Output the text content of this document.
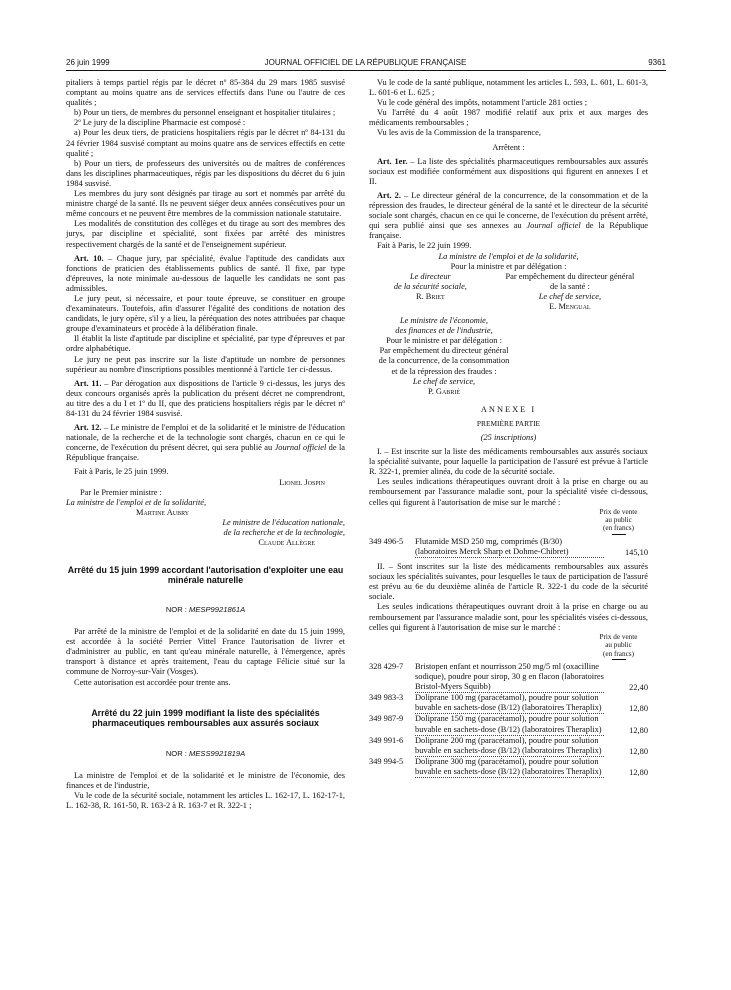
26 juin 1999	JOURNAL OFFICIEL DE LA RÉPUBLIQUE FRANÇAISE	9361

pitaliers à temps partiel régis par le décret nº 85-384 du 29 mars 1985 susvisé comptant au moins quatre ans de services effectifs dans l'une ou l'autre de ces qualités ;

b) Pour un tiers, de membres du personnel enseignant et hospitalier titulaires ;

2º Le jury de la discipline Pharmacie est composé :

a) Pour les deux tiers, de praticiens hospitaliers régis par le décret nº 84-131 du 24 février 1984 susvisé comptant au moins quatre ans de services effectifs en cette qualité ;

b) Pour un tiers, de professeurs des universités ou de maîtres de conférences dans les disciplines pharmaceutiques, régis par les dispositions du décret du 6 juin 1984 susvisé.

Les membres du jury sont désignés par tirage au sort et nommés par arrêté du ministre chargé de la santé. Ils ne peuvent siéger deux années consécutives pour un même concours et ne peuvent être membres de la commission nationale statutaire.

Les modalités de constitution des collèges et du tirage au sort des membres des jurys, par discipline et spécialité, sont fixées par arrêté des ministres respectivement chargés de la santé et de l'enseignement supérieur.

Art. 10. – Chaque jury, par spécialité, évalue l'aptitude des candidats aux fonctions de praticien des établissements publics de santé. Il fixe, par type d'épreuves, la note minimale au-dessous de laquelle les candidats ne sont pas admissibles.

Le jury peut, si nécessaire, et pour toute épreuve, se constituer en groupe d'examinateurs. Toutefois, afin d'assurer l'égalité des conditions de notation des candidats, le jury opère, s'il y a lieu, la péréquation des notes attribuées par chaque groupe d'examinateurs et procède à la délibération finale.

Il établit la liste d'aptitude par discipline et spécialité, par type d'épreuves et par ordre alphabétique.

Le jury ne peut pas inscrire sur la liste d'aptitude un nombre de personnes supérieur au nombre d'inscriptions possibles mentionné à l'article 1er ci-dessus.

Art. 11. – Par dérogation aux dispositions de l'article 9 ci-dessus, les jurys des deux concours organisés après la publication du présent décret ne comprendront, au titre des a du I et 1º du II, que des praticiens hospitaliers régis par le décret nº 84-131 du 24 février 1984 susvisé.

Art. 12. – Le ministre de l'emploi et de la solidarité et le ministre de l'éducation nationale, de la recherche et de la technologie sont chargés, chacun en ce qui le concerne, de l'exécution du présent décret, qui sera publié au Journal officiel de la République française.

Fait à Paris, le 25 juin 1999.

Lionel Jospin

Par le Premier ministre :

La ministre de l'emploi et de la solidarité,

Martine Aubry

Le ministre de l'éducation nationale,

de la recherche et de la technologie,

Claude Allègre

Arrêté du 15 juin 1999 accordant l'autorisation d'exploiter une eau minérale naturelle

NOR : MESP9921861A

Par arrêté de la ministre de l'emploi et de la solidarité en date du 15 juin 1999, est accordée à la société Perrier Vittel France l'autorisation de livrer et d'administrer au public, en tant qu'eau minérale naturelle, à l'émergence, après transport à distance et après traitement, l'eau du captage Félicie situé sur la commune de Norroy-sur-Vair (Vosges).

Cette autorisation est accordée pour trente ans.

Arrêté du 22 juin 1999 modifiant la liste des spécialités pharmaceutiques remboursables aux assurés sociaux

NOR : MESS9921819A

La ministre de l'emploi et de la solidarité et le ministre de l'économie, des finances et de l'industrie,

Vu le code de la sécurité sociale, notamment les articles L. 162-17, L. 162-17-1, L. 162-38, R. 161-50, R. 163-2 à R. 163-7 et R. 322-1 ;

Vu le code de la santé publique, notamment les articles L. 593, L. 601, L. 601-3, L. 601-6 et L. 625 ;

Vu le code général des impôts, notamment l'article 281 octies ;

Vu l'arrêté du 4 août 1987 modifié relatif aux prix et aux marges des médicaments remboursables ;

Vu les avis de la Commission de la transparence,

Arrêtent :

Art. 1er. – La liste des spécialités pharmaceutiques remboursables aux assurés sociaux est modifiée conformément aux dispositions qui figurent en annexes I et II.

Art. 2. – Le directeur général de la concurrence, de la consommation et de la répression des fraudes, le directeur général de la santé et le directeur de la sécurité sociale sont chargés, chacun en ce qui le concerne, de l'exécution du présent arrêté, qui sera publié ainsi que ses annexes au Journal officiel de la République française.

Fait à Paris, le 22 juin 1999.

La ministre de l'emploi et de la solidarité,

Pour la ministre et par délégation :

Le directeur
de la sécurité sociale,
R. Briet
Par empêchement du directeur général
de la santé :
Le chef de service,
E. Mengual
Le ministre de l'économie,
des finances et de l'industrie,
Pour le ministre et par délégation :
Par empêchement du directeur général
de la concurrence, de la consommation
et de la répression des fraudes :
Le chef de service,
P. Gabrié

ANNEXE I

PREMIÈRE PARTIE

(25 inscriptions)

I. – Est inscrite sur la liste des médicaments remboursables aux assurés sociaux la spécialité suivante, pour laquelle la participation de l'assuré est prévue à l'article R. 322-1, premier alinéa, du code de la sécurité sociale.

Les seules indications thérapeutiques ouvrant droit à la prise en charge ou au remboursement par l'assurance maladie sont, pour la spécialité visée ci-dessous, celles qui figurent à l'autorisation de mise sur le marché :

Prix de vente
au public
(en francs)
349 496-5	Flutamide MSD 250 mg, comprimés (B/30) (laboratoires Merck Sharp et Dohme-Chibret)	145,10

II. – Sont inscrites sur la liste des médicaments remboursables aux assurés sociaux les spécialités suivantes, pour lesquelles le taux de participation de l'assuré est prévu au 6e du deuxième alinéa de l'article R. 322-1 du code de la sécurité sociale.

Les seules indications thérapeutiques ouvrant droit à la prise en charge ou au remboursement par l'assurance maladie sont, pour les spécialités visées ci-dessous, celles qui figurent à l'autorisation de mise sur le marché :

Prix de vente
au public
(en francs)
328 429-7	Bristopen enfant et nourrisson 250 mg/5 ml (oxacilline sodique), poudre pour sirop, 30 g en flacon (laboratoires Bristol-Myers Squibb)	22,40
349 983-3	Doliprane 100 mg (paracétamol), poudre pour solution buvable en sachets-dose (B/12) (laboratoires Theraplix)	12,80
349 987-9	Doliprane 150 mg (paracétamol), poudre pour solution buvable en sachets-dose (B/12) (laboratoires Theraplix)	12,80
349 991-6	Doliprane 200 mg (paracétamol), poudre pour solution buvable en sachets-dose (B/12) (laboratoires Theraplix)	12,80
349 994-5	Doliprane 300 mg (paracétamol), poudre pour solution buvable en sachets-dose (B/12) (laboratoires Theraplix)	12,80
